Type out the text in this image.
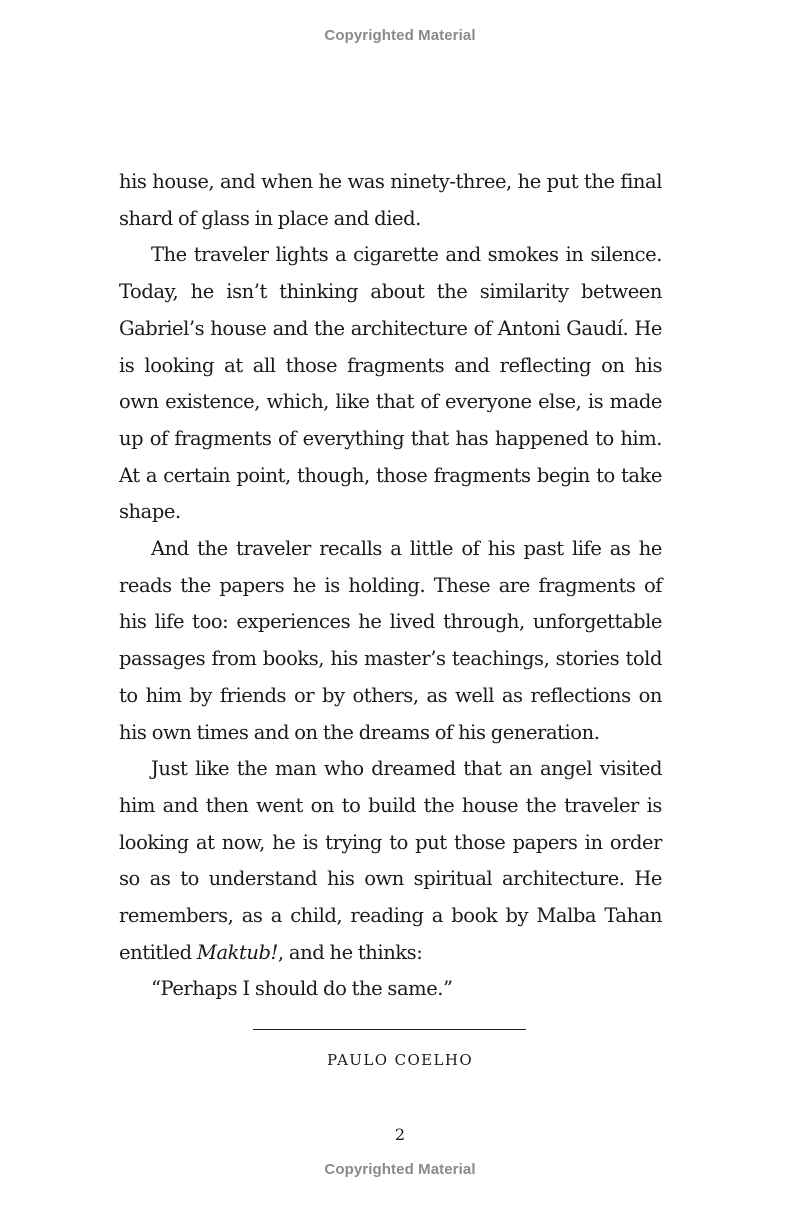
Copyrighted Material

his house, and when he was ninety-three, he put the final shard of glass in place and died.

The traveler lights a cigarette and smokes in silence. Today, he isn’t thinking about the similarity between Gabriel’s house and the architecture of Antoni Gaudí. He is looking at all those fragments and reflecting on his own existence, which, like that of everyone else, is made up of fragments of everything that has happened to him. At a certain point, though, those fragments begin to take shape.

And the traveler recalls a little of his past life as he reads the papers he is holding. These are fragments of his life too: experiences he lived through, unforgettable passages from books, his master’s teachings, stories told to him by friends or by others, as well as reflections on his own times and on the dreams of his generation.

Just like the man who dreamed that an angel visited him and then went on to build the house the traveler is looking at now, he is trying to put those papers in order so as to understand his own spiritual architecture. He remembers, as a child, reading a book by Malba Tahan entitled Maktub!, and he thinks:

“Perhaps I should do the same.”

PAULO COELHO
2
Copyrighted Material
